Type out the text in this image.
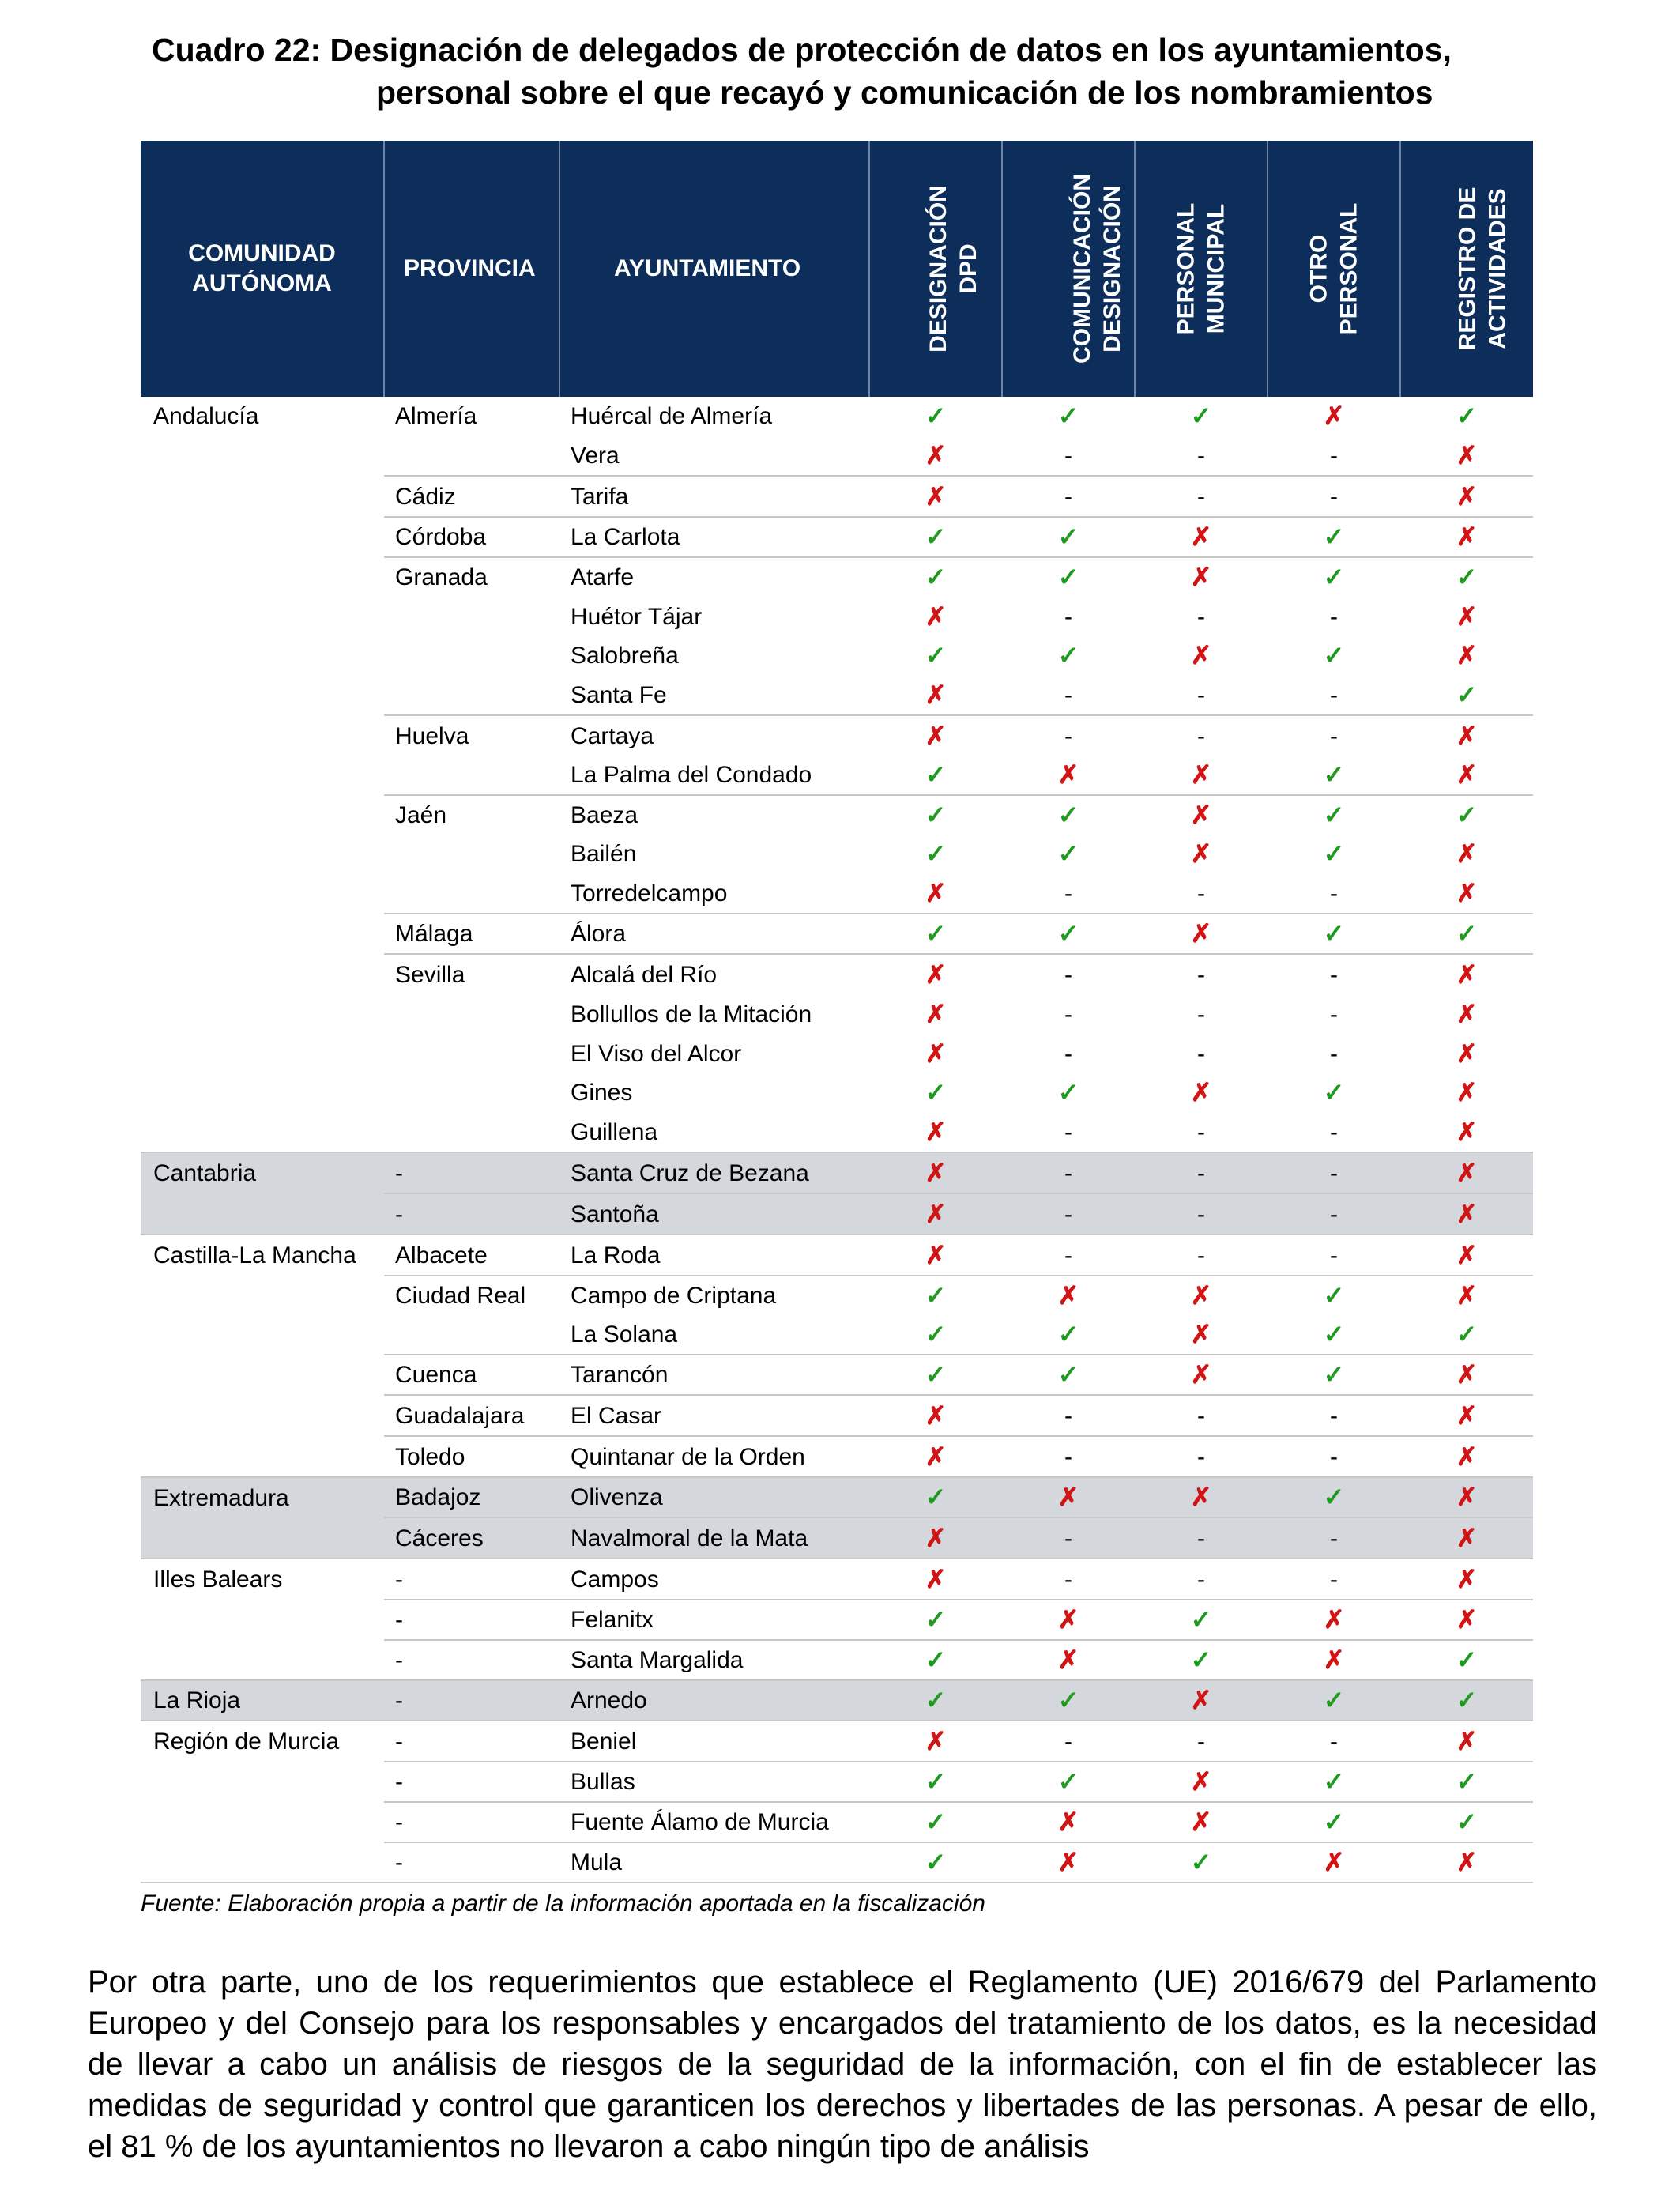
Cuadro 22: Designación de delegados de protección de datos en los ayuntamientos,
personal sobre el que recayó y comunicación de los nombramientos
COMUNIDAD
AUTÓNOMA	PROVINCIA	AYUNTAMIENTO	DESIGNACIÓN DPD	COMUNICACIÓN DESIGNACIÓN	PERSONAL MUNICIPAL	OTRO PERSONAL	REGISTRO DE ACTIVIDADES

Andalucía	Almería	Huércal de Almería	✓	✓	✓	✗	✓
		Vera	✗	-	-	-	✗
	Cádiz	Tarifa	✗	-	-	-	✗
	Córdoba	La Carlota	✓	✓	✗	✓	✗
	Granada	Atarfe	✓	✓	✗	✓	✓
		Huétor Tájar	✗	-	-	-	✗
		Salobreña	✓	✓	✗	✓	✗
		Santa Fe	✗	-	-	-	✓
	Huelva	Cartaya	✗	-	-	-	✗
		La Palma del Condado	✓	✗	✗	✓	✗
	Jaén	Baeza	✓	✓	✗	✓	✓
		Bailén	✓	✓	✗	✓	✗
		Torredelcampo	✗	-	-	-	✗
	Málaga	Álora	✓	✓	✗	✓	✓
	Sevilla	Alcalá del Río	✗	-	-	-	✗
		Bollullos de la Mitación	✗	-	-	-	✗
		El Viso del Alcor	✗	-	-	-	✗
		Gines	✓	✓	✗	✓	✗
		Guillena	✗	-	-	-	✗
Cantabria	-	Santa Cruz de Bezana	✗	-	-	-	✗
	-	Santoña	✗	-	-	-	✗
Castilla-La Mancha	Albacete	La Roda	✗	-	-	-	✗
	Ciudad Real	Campo de Criptana	✓	✗	✗	✓	✗
		La Solana	✓	✓	✗	✓	✓
	Cuenca	Tarancón	✓	✓	✗	✓	✗
	Guadalajara	El Casar	✗	-	-	-	✗
	Toledo	Quintanar de la Orden	✗	-	-	-	✗
Extremadura	Badajoz	Olivenza	✓	✗	✗	✓	✗
	Cáceres	Navalmoral de la Mata	✗	-	-	-	✗
Illes Balears	-	Campos	✗	-	-	-	✗
	-	Felanitx	✓	✗	✓	✗	✗
	-	Santa Margalida	✓	✗	✓	✗	✓
La Rioja	-	Arnedo	✓	✓	✗	✓	✓
Región de Murcia	-	Beniel	✗	-	-	-	✗
	-	Bullas	✓	✓	✗	✓	✓
	-	Fuente Álamo de Murcia	✓	✗	✗	✓	✓
	-	Mula	✓	✗	✓	✗	✗
Fuente: Elaboración propia a partir de la información aportada en la fiscalización
Por otra parte, uno de los requerimientos que establece el Reglamento (UE) 2016/679 del Parlamento Europeo y del Consejo para los responsables y encargados del tratamiento de los datos, es la necesidad de llevar a cabo un análisis de riesgos de la seguridad de la información, con el fin de establecer las medidas de seguridad y control que garanticen los derechos y libertades de las personas. A pesar de ello, el 81 % de los ayuntamientos no llevaron a cabo ningún tipo de análisis
